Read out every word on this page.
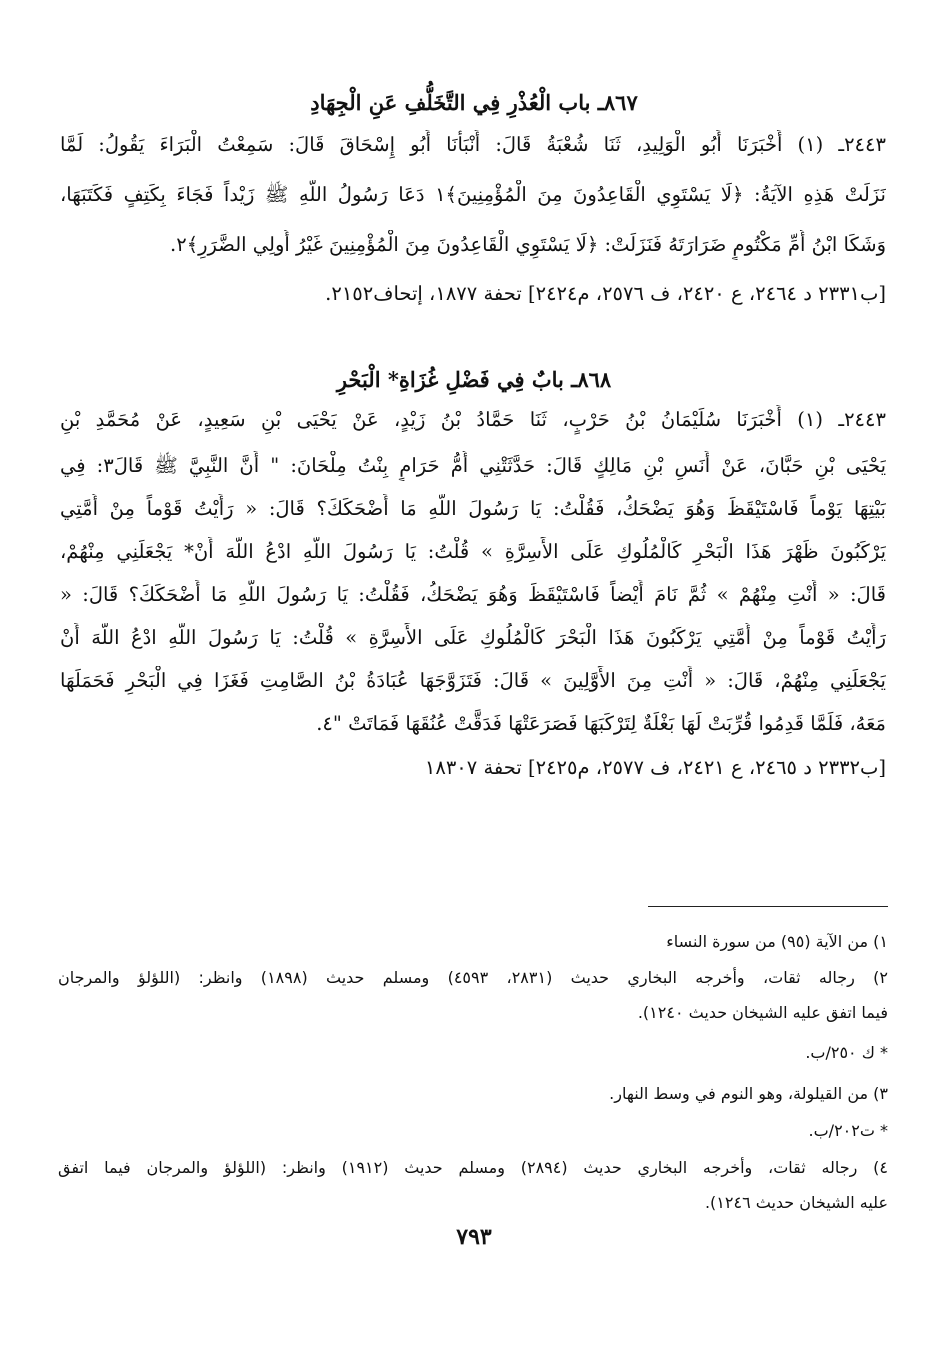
٨٦٧ـ باب الْعُذْرِ فِي التَّخَلُّفِ عَنِ الْجِهَادِ
٢٤٤٣ـ (١) أَخْبَرَنَا أَبُو الْوَلِيدِ، ثَنَا شُعْبَةُ قَالَ: أَنْبَأَنَا أَبُو إِسْحَاقَ قَالَ: سَمِعْتُ الْبَرَاءَ يَقُولُ: لَمَّا
نَزَلَتْ هَذِهِ الآيَةُ: ﴿لَا يَسْتَوِي الْقَاعِدُونَ مِنَ الْمُؤْمِنِينَ﴾١ دَعَا رَسُولُ اللَّهِ ﷺ زَيْداً فَجَاءَ بِكَتِفٍ فَكَتَبَهَا،
وَشَكَا ابْنُ أُمِّ مَكْتُومٍ ضَرَارَتَهُ فَنَزَلَتْ: ﴿لَا يَسْتَوِي الْقَاعِدُونَ مِنَ الْمُؤْمِنِينَ غَيْرُ أُولِي الضَّرَرِ﴾٢.
[ب٢٣٣١ د ٢٤٦٤، ع ٢٤٢٠، ف ٢٥٧٦، م٢٤٢٤] تحفة ١٨٧٧، إتحاف٢١٥٢.
٨٦٨ـ بابٌ فِي فَضْلِ غُزَاةِ* الْبَحْرِ
٢٤٤٣ـ (١) أَخْبَرَنَا سُلَيْمَانُ بْنُ حَرْبٍ، ثَنَا حَمَّادُ بْنُ زَيْدٍ، عَنْ يَحْيَى بْنِ سَعِيدٍ، عَنْ مُحَمَّدِ بْنِ
يَحْيَى بْنِ حَبَّانَ، عَنْ أَنَسِ بْنِ مَالِكٍ قَالَ: حَدَّثَتْنِي أُمُّ حَرَامٍ بِنْتُ مِلْحَانَ: " أَنَّ النَّبِيَّ ﷺ قَالَ٣: فِي
بَيْتِهَا يَوْماً فَاسْتَيْقَظَ وَهُوَ يَضْحَكُ، فَقُلْتُ: يَا رَسُولَ اللَّهِ مَا أَضْحَكَكَ؟ قَالَ: « رَأَيْتُ قَوْماً مِنْ أُمَّتِي
يَرْكَبُونَ ظَهْرَ هَذَا الْبَحْرِ كَالْمُلُوكِ عَلَى الأَسِرَّةِ » قُلْتُ: يَا رَسُولَ اللَّهِ ادْعُ اللَّهَ أَنْ* يَجْعَلَنِي مِنْهُمْ،
قَالَ: « أَنْتِ مِنْهُمْ » ثُمَّ نَامَ أَيْضاً فَاسْتَيْقَظَ وَهُوَ يَضْحَكُ، فَقُلْتُ: يَا رَسُولَ اللَّهِ مَا أَضْحَكَكَ؟ قَالَ: «
رَأَيْتُ قَوْماً مِنْ أُمَّتِي يَرْكَبُونَ هَذَا الْبَحْرَ كَالْمُلُوكِ عَلَى الأَسِرَّةِ » قُلْتُ: يَا رَسُولَ اللَّهِ ادْعُ اللَّهَ أَنْ
يَجْعَلَنِي مِنْهُمْ، قَالَ: « أَنْتِ مِنَ الأَوَّلِينَ » قَالَ: فَتَزَوَّجَهَا عُبَادَةُ بْنُ الصَّامِتِ فَغَزَا فِي الْبَحْرِ فَحَمَلَهَا
مَعَهُ، فَلَمَّا قَدِمُوا قُرِّبَتْ لَهَا بَغْلَةٌ لِتَرْكَبَهَا فَصَرَعَتْهَا فَدَقَّتْ عُنُقَهَا فَمَاتَتْ "٤.
[ب٢٣٣٢ د ٢٤٦٥، ع ٢٤٢١، ف ٢٥٧٧، م٢٤٢٥] تحفة ١٨٣٠٧
١) من الآية (٩٥) من سورة النساء
٢) رجاله ثقات، وأخرجه البخاري حديث (٢٨٣١، ٤٥٩٣) ومسلم حديث (١٨٩٨) وانظر: (اللؤلؤ والمرجان
فيما اتفق عليه الشيخان حديث ١٢٤٠).
* ك ٢٥٠/ب.
٣) من القيلولة، وهو النوم في وسط النهار.
* ت٢٠٢/ب.
٤) رجاله ثقات، وأخرجه البخاري حديث (٢٨٩٤) ومسلم حديث (١٩١٢) وانظر: (اللؤلؤ والمرجان فيما اتفق
عليه الشيخان حديث ١٢٤٦).
٧٩٣
